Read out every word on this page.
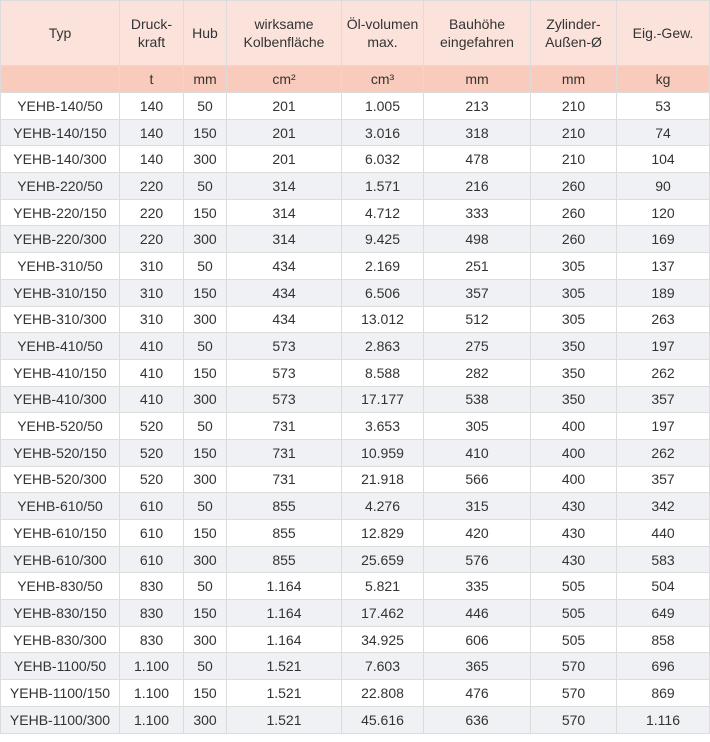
Typ	Druck-kraft	Hub	wirksame Kolbenfläche	Öl-volumen max.	Bauhöhe eingefahren	Zylinder-Außen-Ø	Eig.-Gew.
	t	mm	cm²	cm³	mm	mm	kg
YEHB-140/50	140	50	201	1.005	213	210	53
YEHB-140/150	140	150	201	3.016	318	210	74
YEHB-140/300	140	300	201	6.032	478	210	104
YEHB-220/50	220	50	314	1.571	216	260	90
YEHB-220/150	220	150	314	4.712	333	260	120
YEHB-220/300	220	300	314	9.425	498	260	169
YEHB-310/50	310	50	434	2.169	251	305	137
YEHB-310/150	310	150	434	6.506	357	305	189
YEHB-310/300	310	300	434	13.012	512	305	263
YEHB-410/50	410	50	573	2.863	275	350	197
YEHB-410/150	410	150	573	8.588	282	350	262
YEHB-410/300	410	300	573	17.177	538	350	357
YEHB-520/50	520	50	731	3.653	305	400	197
YEHB-520/150	520	150	731	10.959	410	400	262
YEHB-520/300	520	300	731	21.918	566	400	357
YEHB-610/50	610	50	855	4.276	315	430	342
YEHB-610/150	610	150	855	12.829	420	430	440
YEHB-610/300	610	300	855	25.659	576	430	583
YEHB-830/50	830	50	1.164	5.821	335	505	504
YEHB-830/150	830	150	1.164	17.462	446	505	649
YEHB-830/300	830	300	1.164	34.925	606	505	858
YEHB-1100/50	1.100	50	1.521	7.603	365	570	696
YEHB-1100/150	1.100	150	1.521	22.808	476	570	869
YEHB-1100/300	1.100	300	1.521	45.616	636	570	1.116
